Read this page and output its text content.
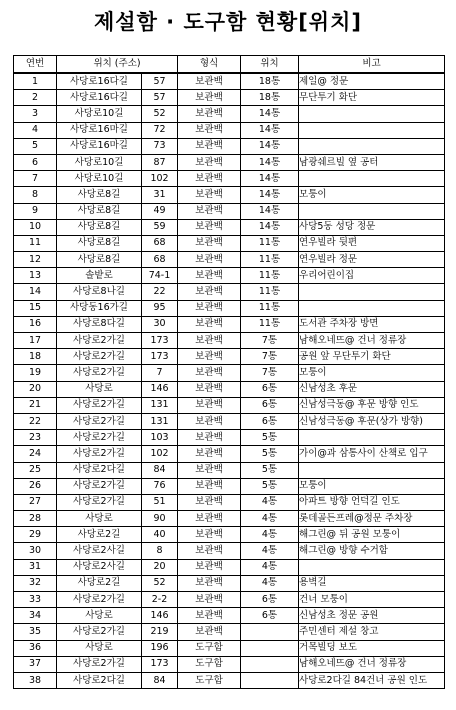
제설함 · 도구함 현황[위치]
연번	위치 (주소)		형식	위치	비고
1	사당로16다길	57	보관백	18통	제일@ 정문
2	사당로16다길	57	보관백	18통	무단투기 화단
3	사당로10길	52	보관백	14통	
4	사당로16마길	72	보관백	14통	
5	사당로16마길	73	보관백	14통	
6	사당로10길	87	보관백	14통	남광쉐르빌 옆 공터
7	사당로10길	102	보관백	14통	
8	사당로8길	31	보관백	14통	모퉁이
9	사당로8길	49	보관백	14통	
10	사당로8길	59	보관백	14통	사당5동 성당 정문
11	사당로8길	68	보관백	11통	연우빌라 뒷편
12	사당로8길	68	보관백	11통	연우빌라 정문
13	솔밭로	74-1	보관백	11통	우리어린이집
14	사당로8나길	22	보관백	11통	
15	사당동16가길	95	보관백	11통	
16	사당로8다길	30	보관백	11통	도서관 주차장 방면
17	사당로2가길	173	보관백	7통	남해오네뜨@ 건너 정류장
18	사당로2가길	173	보관백	7통	공원 앞 무단투기 화단
19	사당로2가길	7	보관백	7통	모퉁이
20	사당로	146	보관백	6통	신남성초 후문
21	사당로2가길	131	보관백	6통	신남성극동@ 후문 방향 인도
22	사당로2가길	131	보관백	6통	신남성극동@ 후문(상가 방향)
23	사당로2가길	103	보관백	5통	
24	사당로2가길	102	보관백	5통	가이@과 삼통사이 산책로 입구
25	사당로2다길	84	보관백	5통	
26	사당로2가길	76	보관백	5통	모퉁이
27	사당로2가길	51	보관백	4통	아파트 방향 언덕길 인도
28	사당로	90	보관백	4통	롯데골든프레@정문 주차장
29	사당로2길	40	보관백	4통	해그린@ 뒤 공원 모퉁이
30	사당로2사길	8	보관백	4통	해그린@ 방향 수거함
31	사당로2사길	20	보관백	4통	
32	사당로2길	52	보관백	4통	용벽길
33	사당로2가길	2-2	보관백	6통	건너 모퉁이
34	사당로	146	보관백	6통	신남성초 정문 공원
35	사당로2가길	219	보관백		주민센터 제설 창고
36	사당로	196	도구함		거목빌딩 보도
37	사당로2가길	173	도구함		남해오네뜨@ 건너 정류장
38	사당로2다길	84	도구함		사당로2다길 84건너 공원 인도
